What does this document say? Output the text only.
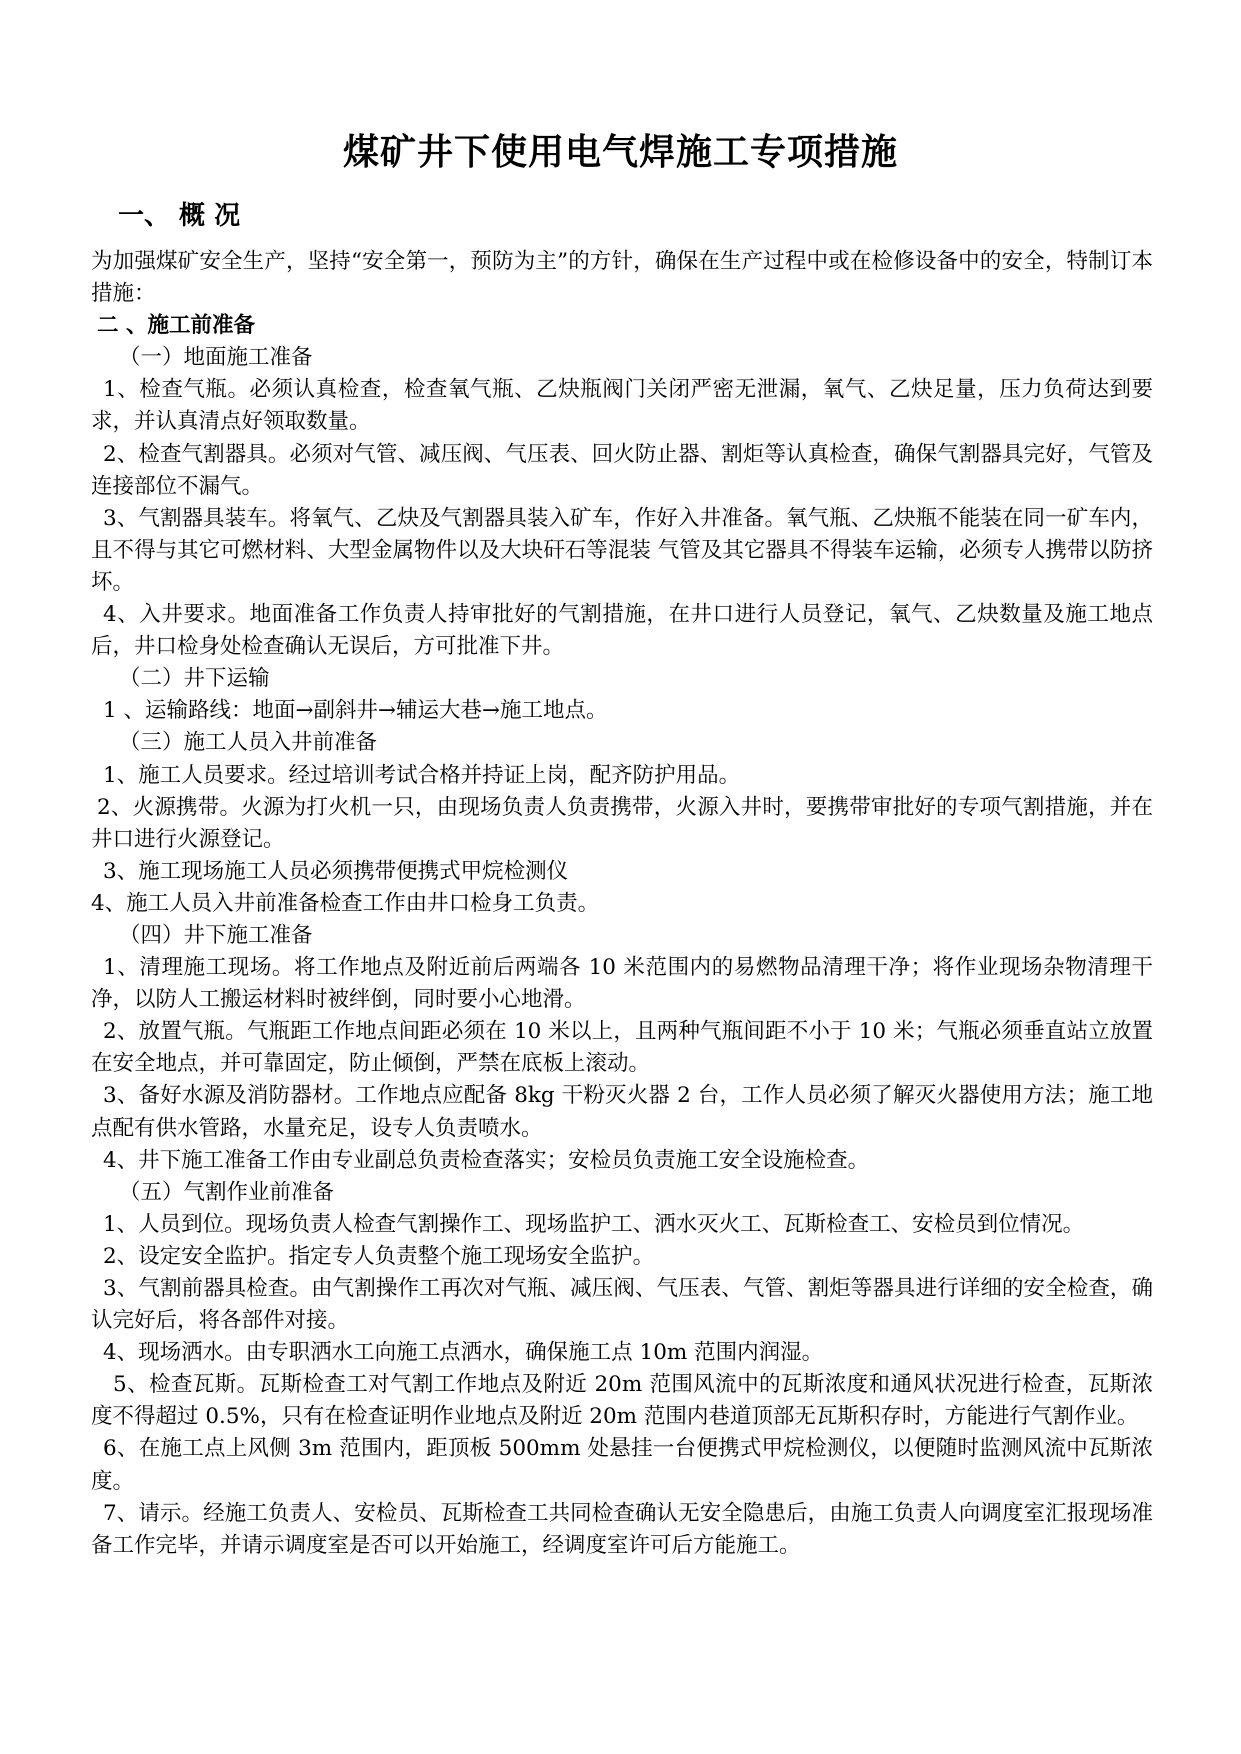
煤矿井下使用电气焊施工专项措施
一、 概 况

为加强煤矿安全生产，坚持“安全第一，预防为主”的方针，确保在生产过程中或在检修设备中的安全，特制订本措施：

二 、施工前准备

（一）地面施工准备

1、检查气瓶。必须认真检查，检查氧气瓶、乙炔瓶阀门关闭严密无泄漏，氧气、乙炔足量，压力负荷达到要求，并认真清点好领取数量。

2、检查气割器具。必须对气管、减压阀、气压表、回火防止器、割炬等认真检查，确保气割器具完好，气管及连接部位不漏气。

3、气割器具装车。将氧气、乙炔及气割器具装入矿车，作好入井准备。氧气瓶、乙炔瓶不能装在同一矿车内，且不得与其它可燃材料、大型金属物件以及大块矸石等混装 气管及其它器具不得装车运输，必须专人携带以防挤坏。

4、入井要求。地面准备工作负责人持审批好的气割措施，在井口进行人员登记，氧气、乙炔数量及施工地点后，井口检身处检查确认无误后，方可批准下井。

（二）井下运输

1 、运输路线：地面→副斜井→辅运大巷→施工地点。

（三）施工人员入井前准备

1、施工人员要求。经过培训考试合格并持证上岗，配齐防护用品。

2、火源携带。火源为打火机一只，由现场负责人负责携带，火源入井时，要携带审批好的专项气割措施，并在井口进行火源登记。

3、施工现场施工人员必须携带便携式甲烷检测仪

4、施工人员入井前准备检查工作由井口检身工负责。

（四）井下施工准备

1、清理施工现场。将工作地点及附近前后两端各 10 米范围内的易燃物品清理干净；将作业现场杂物清理干净，以防人工搬运材料时被绊倒，同时要小心地滑。

2、放置气瓶。气瓶距工作地点间距必须在 10 米以上，且两种气瓶间距不小于 10 米；气瓶必须垂直站立放置在安全地点，并可靠固定，防止倾倒，严禁在底板上滚动。

3、备好水源及消防器材。工作地点应配备 8kg 干粉灭火器 2 台，工作人员必须了解灭火器使用方法；施工地点配有供水管路，水量充足，设专人负责喷水。

4、井下施工准备工作由专业副总负责检查落实；安检员负责施工安全设施检查。

（五）气割作业前准备

1、人员到位。现场负责人检查气割操作工、现场监护工、洒水灭火工、瓦斯检查工、安检员到位情况。

2、设定安全监护。指定专人负责整个施工现场安全监护。

3、气割前器具检查。由气割操作工再次对气瓶、减压阀、气压表、气管、割炬等器具进行详细的安全检查，确认完好后，将各部件对接。

4、现场洒水。由专职洒水工向施工点洒水，确保施工点 10m 范围内润湿。

5、检查瓦斯。瓦斯检查工对气割工作地点及附近 20m 范围风流中的瓦斯浓度和通风状况进行检查，瓦斯浓度不得超过 0.5%，只有在检查证明作业地点及附近 20m 范围内巷道顶部无瓦斯积存时，方能进行气割作业。

6、在施工点上风侧 3m 范围内，距顶板 500mm 处悬挂一台便携式甲烷检测仪，以便随时监测风流中瓦斯浓度。

7、请示。经施工负责人、安检员、瓦斯检查工共同检查确认无安全隐患后，由施工负责人向调度室汇报现场准备工作完毕，并请示调度室是否可以开始施工，经调度室许可后方能施工。
